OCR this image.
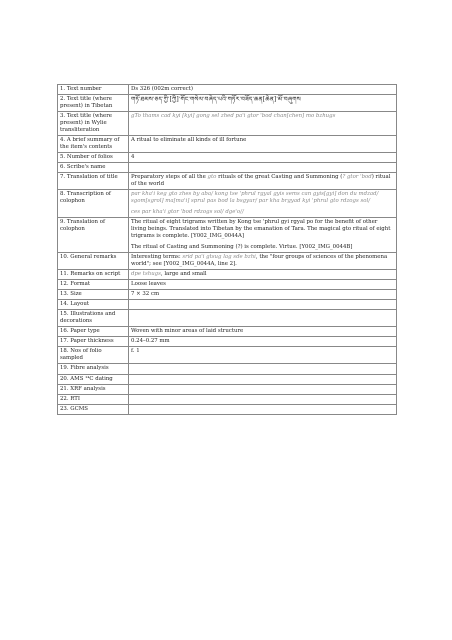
1. Text number	Ds 326 (002m correct)
2. Text title (where present) in Tibetan	གཏོ་ཐམས་ཅད་ཀྱི་[ཀྱི]་གོང་གསེལ་བཞེད་པའི་གཏོར་བཟོད་ཆན[ཆེན]་མོ་བཞུགས
3. Text title (where present) in Wylie transliteration	gTo thams cad kyi [kyi] gong sel zhed pa'i gtor 'bod chan[chen] mo bzhugs
4. A brief summary of the item's contents	A ritual to eliminate all kinds of ill fortune
5. Number of folios	4
6. Scribe's name	
7. Translation of title	Preparatory steps of all the gto rituals of the great Casting and Summoning (? gtor 'bod) ritual of the world
8. Transcription of colophon	par kha'i keg gto zhes by aba/ kong tse 'phrul rgyal gyis sems can gyis[gyi] don du mdzad/ sgom[sgrol] ma[ma'i] sprul pas bod la bsgyur/ par kha brgyad kyi 'phrul gto rdzogs sol/
ces par kha'i gtor 'bod rdzogs sol/ dge'o//

9. Translation of colophon	The ritual of eight trigrams written by Kong tse 'phrul gyi rgyal po for the benefit of other living beings. Translated into Tibetan by the emanation of Tara. The magical gto ritual of eight trigrams is complete. [Y002_IMG_0044A]
The ritual of Casting and Summoning (?) is complete. Virtue. [Y002_IMG_0044B]

10. General remarks	Interesting terms: srid pa'i gtsug lag sde bzhi, the "four groups of sciences of the phenomena world"; see [Y002_IMG_0044A, line 2].
11. Remarks on script	dpe tshugs, large and small
12. Format	Loose leaves
13. Size	7 × 32 cm
14. Layout	
15. Illustrations and decorations	
16. Paper type	Woven with minor areas of laid structure
17. Paper thickness	0.24–0.27 mm
18. Nos of folio sampled	f. 1
19. Fibre analysis	
20. AMS ¹⁴C dating	
21. XRF analysis	
22. RTI	
23. GCMS	
